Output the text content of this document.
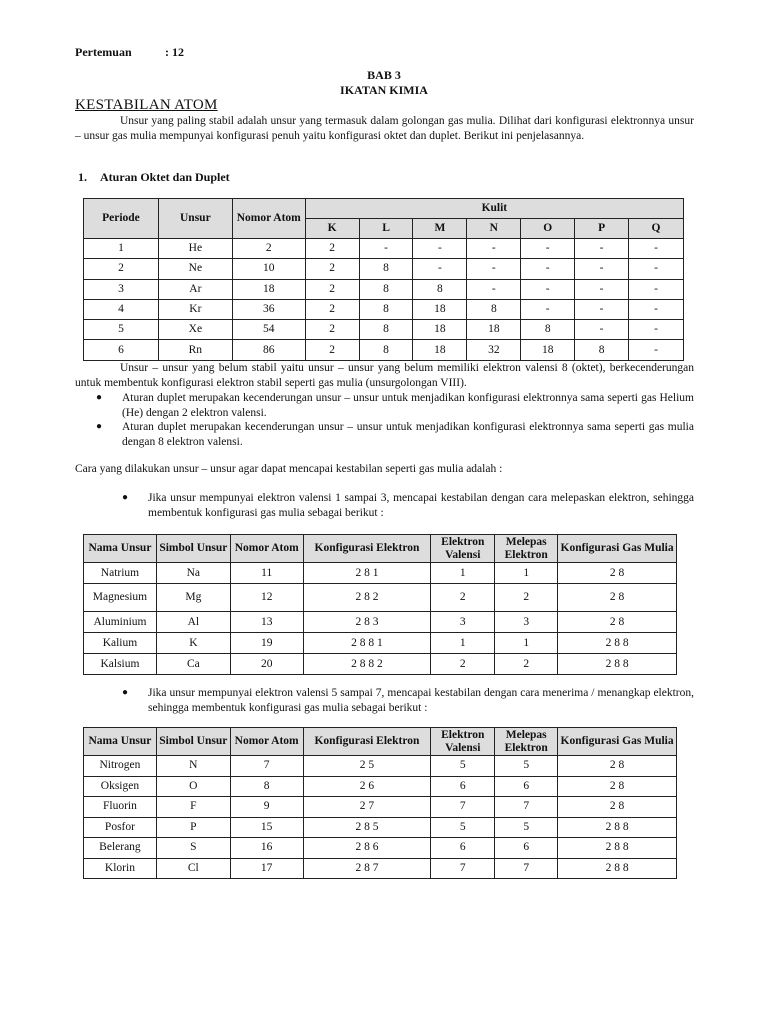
Pertemuan	: 12
BAB 3
IKATAN KIMIA
KESTABILAN ATOM
Unsur yang paling stabil adalah unsur yang termasuk dalam golongan gas mulia. Dilihat dari konfigurasi elektronnya unsur – unsur gas mulia mempunyai konfigurasi penuh yaitu konfigurasi oktet dan duplet. Berikut ini penjelasannya.
1. Aturan Oktet dan Duplet
Periode	Unsur	Nomor Atom	Kulit						
			K	L	M	N	O	P	Q
1	He	2	2	-	-	-	-	-	-
2	Ne	10	2	8	-	-	-	-	-
3	Ar	18	2	8	8	-	-	-	-
4	Kr	36	2	8	18	8	-	-	-
5	Xe	54	2	8	18	18	8	-	-
6	Rn	86	2	8	18	32	18	8	-
Unsur – unsur yang belum stabil yaitu unsur – unsur yang belum memiliki elektron valensi 8 (oktet), berkecenderungan untuk membentuk konfigurasi elektron stabil seperti gas mulia (unsurgolongan VIII).
● Aturan duplet merupakan kecenderungan unsur – unsur untuk menjadikan konfigurasi elektronnya sama seperti gas Helium (He) dengan 2 elektron valensi.
● Aturan duplet merupakan kecenderungan unsur – unsur untuk menjadikan konfigurasi elektronnya sama seperti gas mulia dengan 8 elektron valensi.
Cara yang dilakukan unsur – unsur agar dapat mencapai kestabilan seperti gas mulia adalah :
● Jika unsur mempunyai elektron valensi 1 sampai 3, mencapai kestabilan dengan cara melepaskan elektron, sehingga membentuk konfigurasi gas mulia sebagai berikut :
Nama Unsur	Simbol Unsur	Nomor Atom	Konfigurasi Elektron	Elektron Valensi	Melepas Elektron	Konfigurasi Gas Mulia
Natrium	Na	11	2 8 1	1	1	2 8
Magnesium	Mg	12	2 8 2	2	2	2 8
Aluminium	Al	13	2 8 3	3	3	2 8
Kalium	K	19	2 8 8 1	1	1	2 8 8
Kalsium	Ca	20	2 8 8 2	2	2	2 8 8
● Jika unsur mempunyai elektron valensi 5 sampai 7, mencapai kestabilan dengan cara menerima / menangkap elektron, sehingga membentuk konfigurasi gas mulia sebagai berikut :
Nama Unsur	Simbol Unsur	Nomor Atom	Konfigurasi Elektron	Elektron Valensi	Melepas Elektron	Konfigurasi Gas Mulia
Nitrogen	N	7	2 5	5	5	2 8
Oksigen	O	8	2 6	6	6	2 8
Fluorin	F	9	2 7	7	7	2 8
Posfor	P	15	2 8 5	5	5	2 8 8
Belerang	S	16	2 8 6	6	6	2 8 8
Klorin	Cl	17	2 8 7	7	7	2 8 8
